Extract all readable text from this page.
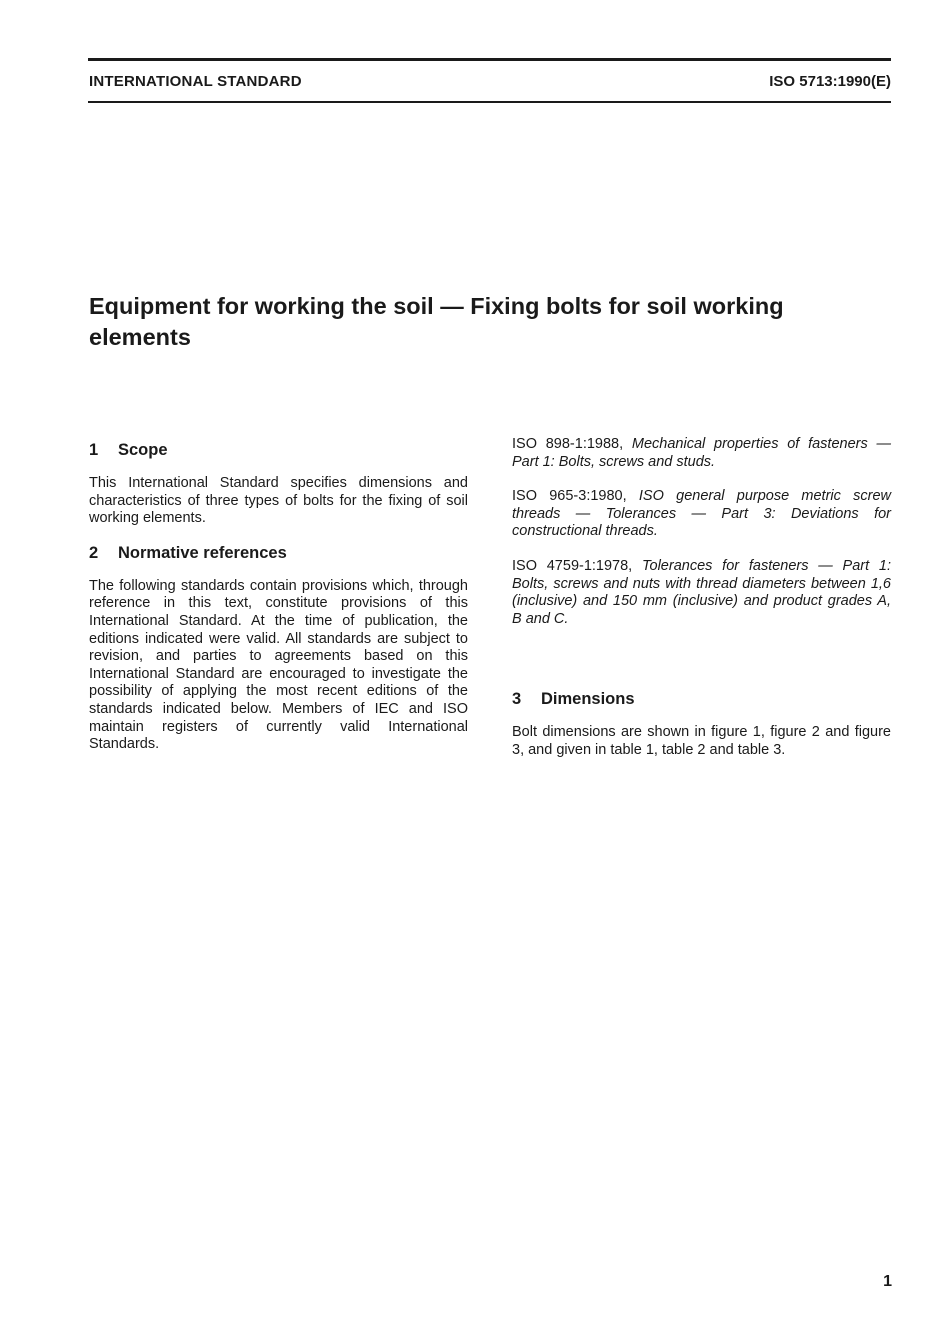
INTERNATIONAL STANDARD	ISO 5713:1990(E)
Equipment for working the soil — Fixing bolts for soil working elements
1 Scope

This International Standard specifies dimensions and characteristics of three types of bolts for the fixing of soil working elements.

2 Normative references

The following standards contain provisions which, through reference in this text, constitute provisions of this International Standard. At the time of publication, the editions indicated were valid. All standards are subject to revision, and parties to agreements based on this International Standard are encouraged to investigate the possibility of applying the most recent editions of the standards indicated below. Members of IEC and ISO maintain registers of currently valid International Standards.

ISO 898-1:1988, Mechanical properties of fasteners — Part 1: Bolts, screws and studs.
ISO 965-3:1980, ISO general purpose metric screw threads — Tolerances — Part 3: Deviations for constructional threads.
ISO 4759-1:1978, Tolerances for fasteners — Part 1: Bolts, screws and nuts with thread diameters between 1,6 (inclusive) and 150 mm (inclusive) and product grades A, B and C.
3 Dimensions

Bolt dimensions are shown in figure 1, figure 2 and figure 3, and given in table 1, table 2 and table 3.

1
